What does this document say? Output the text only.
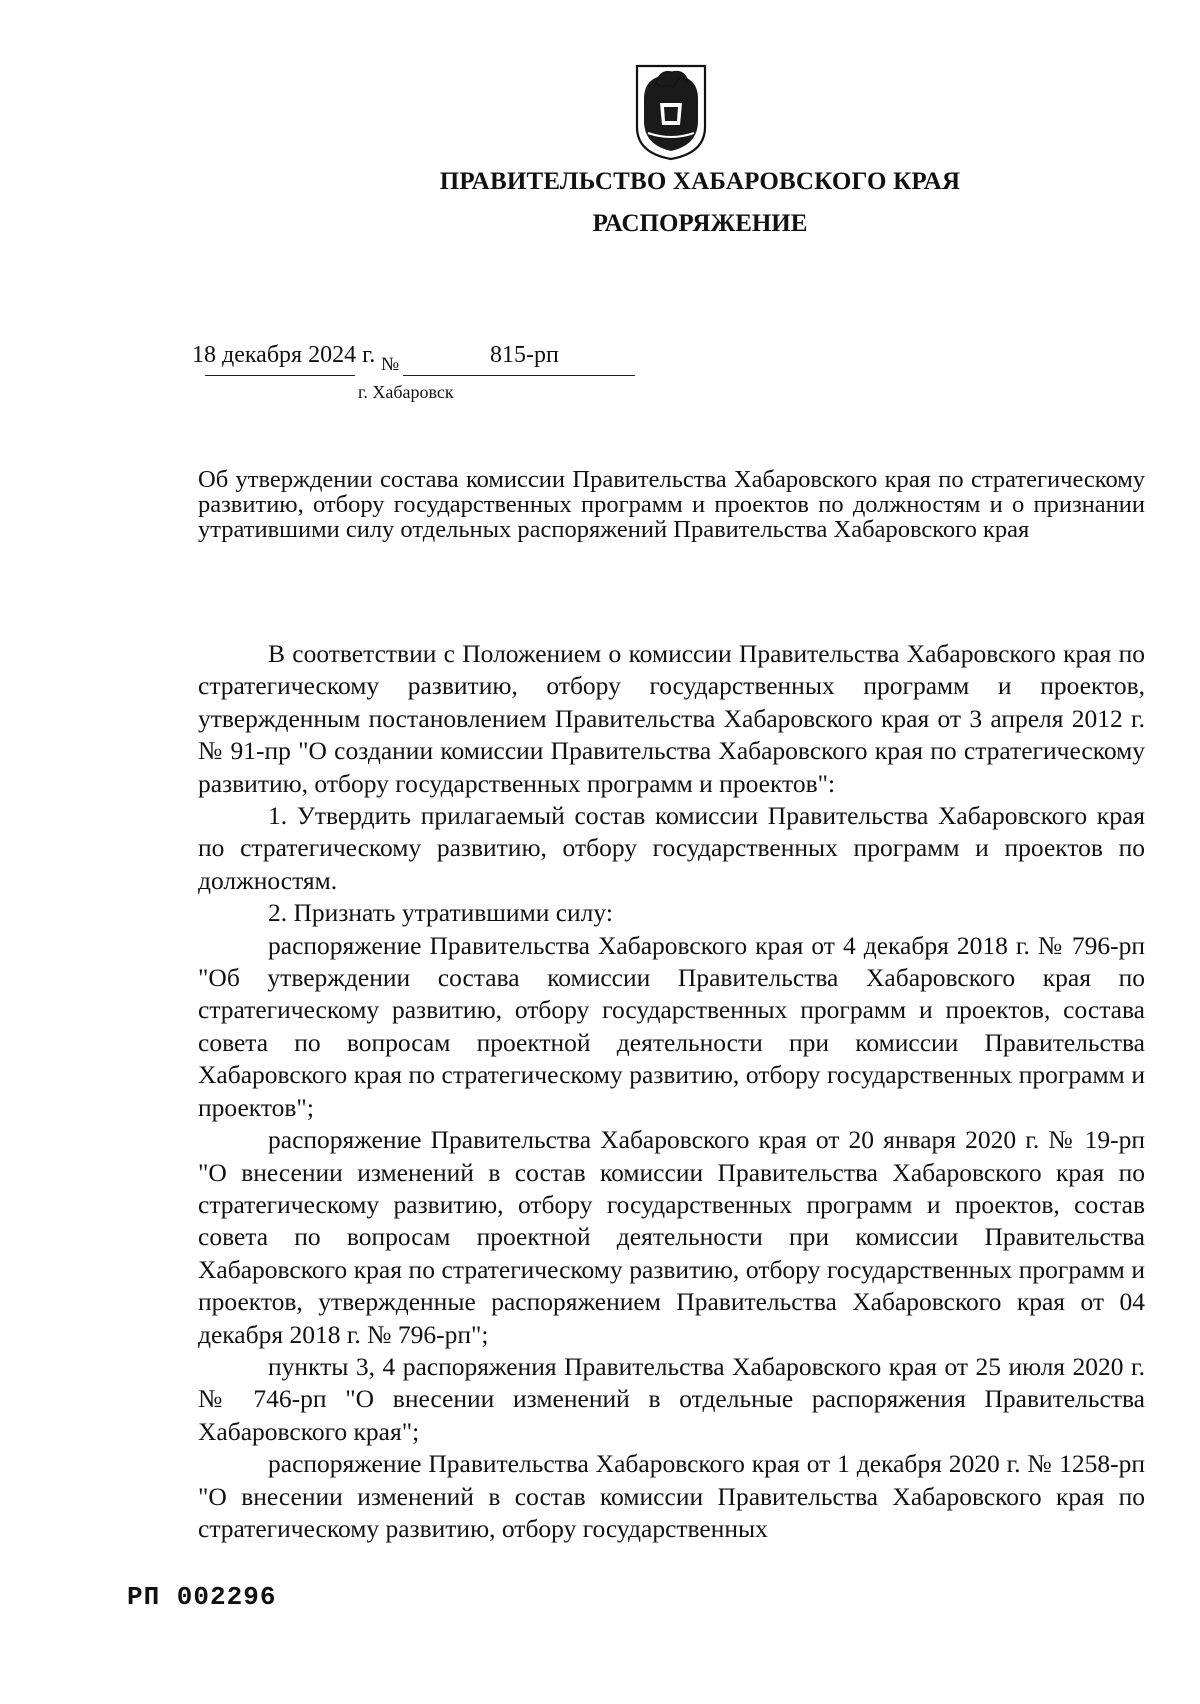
ПРАВИТЕЛЬСТВО ХАБАРОВСКОГО КРАЯ
РАСПОРЯЖЕНИЕ
18 декабря 2024 г. №	815-рп
г. Хабаровск
Об утверждении состава комиссии Правительства Хабаровского края по стратегическому развитию, отбору государственных программ и проектов по должностям и о признании утратившими силу отдельных распоряжений Правительства Хабаровского края

В соответствии с Положением о комиссии Правительства Хабаровского края по стратегическому развитию, отбору государственных программ и проектов, утвержденным постановлением Правительства Хабаровского края от 3 апреля 2012 г. № 91-пр "О создании комиссии Правительства Хабаровского края по стратегическому развитию, отбору государственных программ и проектов":

1. Утвердить прилагаемый состав комиссии Правительства Хабаровского края по стратегическому развитию, отбору государственных программ и проектов по должностям.

2. Признать утратившими силу:

распоряжение Правительства Хабаровского края от 4 декабря 2018 г. № 796-рп "Об утверждении состава комиссии Правительства Хабаровского края по стратегическому развитию, отбору государственных программ и проектов, состава совета по вопросам проектной деятельности при комиссии Правительства Хабаровского края по стратегическому развитию, отбору государственных программ и проектов";

распоряжение Правительства Хабаровского края от 20 января 2020 г. № 19-рп "О внесении изменений в состав комиссии Правительства Хабаровского края по стратегическому развитию, отбору государственных программ и проектов, состав совета по вопросам проектной деятельности при комиссии Правительства Хабаровского края по стратегическому развитию, отбору государственных программ и проектов, утвержденные распоряжением Правительства Хабаровского края от 04 декабря 2018 г. № 796-рп";

пункты 3, 4 распоряжения Правительства Хабаровского края от 25 июля 2020 г. № 746-рп "О внесении изменений в отдельные распоряжения Правительства Хабаровского края";

распоряжение Правительства Хабаровского края от 1 декабря 2020 г. № 1258-рп "О внесении изменений в состав комиссии Правительства Хабаровского края по стратегическому развитию, отбору государственных

РП 002296
